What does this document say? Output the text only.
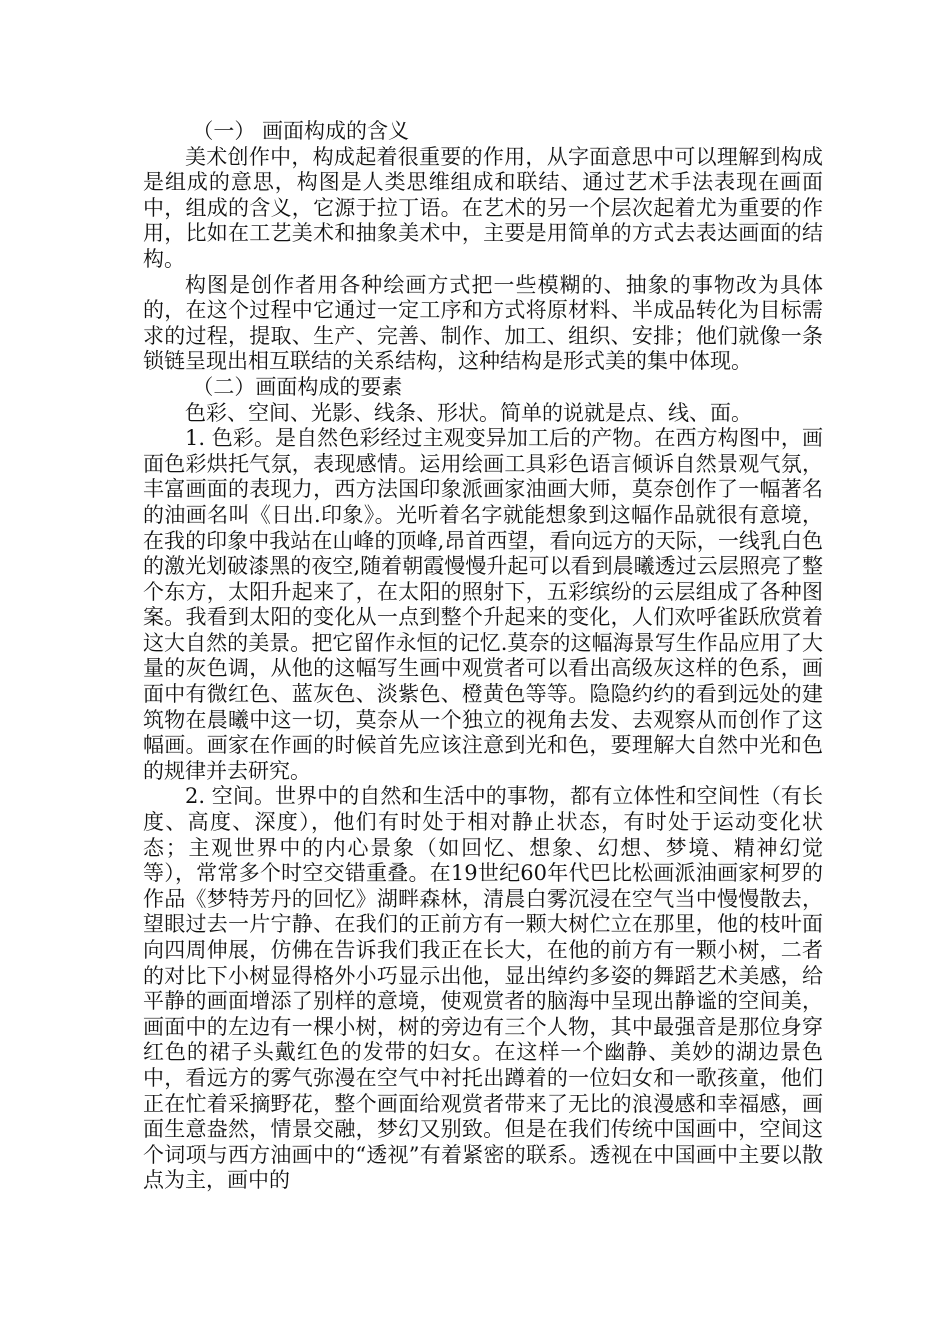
（一） 画面构成的含义

美术创作中，构成起着很重要的作用，从字面意思中可以理解到构成是组成的意思，构图是人类思维组成和联结、通过艺术手法表现在画面中，组成的含义，它源于拉丁语。在艺术的另一个层次起着尤为重要的作用，比如在工艺美术和抽象美术中，主要是用简单的方式去表达画面的结构。

构图是创作者用各种绘画方式把一些模糊的、抽象的事物改为具体的，在这个过程中它通过一定工序和方式将原材料、半成品转化为目标需求的过程，提取、生产、完善、制作、加工、组织、安排；他们就像一条锁链呈现出相互联结的关系结构，这种结构是形式美的集中体现。

（二）画面构成的要素

色彩、空间、光影、线条、形状。简单的说就是点、线、面。

1. 色彩。是自然色彩经过主观变异加工后的产物。在西方构图中，画面色彩烘托气氛，表现感情。运用绘画工具彩色语言倾诉自然景观气氛，丰富画面的表现力，西方法国印象派画家油画大师，莫奈创作了一幅著名的油画名叫《日出.印象》。光听着名字就能想象到这幅作品就很有意境，在我的印象中我站在山峰的顶峰,昂首西望，看向远方的天际，一线乳白色的激光划破漆黑的夜空,随着朝霞慢慢升起可以看到晨曦透过云层照亮了整个东方，太阳升起来了，在太阳的照射下，五彩缤纷的云层组成了各种图案。我看到太阳的变化从一点到整个升起来的变化，人们欢呼雀跃欣赏着这大自然的美景。把它留作永恒的记忆.莫奈的这幅海景写生作品应用了大量的灰色调，从他的这幅写生画中观赏者可以看出高级灰这样的色系，画面中有微红色、蓝灰色、淡紫色、橙黄色等等。隐隐约约的看到远处的建筑物在晨曦中这一切，莫奈从一个独立的视角去发、去观察从而创作了这幅画。画家在作画的时候首先应该注意到光和色，要理解大自然中光和色的规律并去研究。

2. 空间。世界中的自然和生活中的事物，都有立体性和空间性（有长度、高度、深度），他们有时处于相对静止状态，有时处于运动变化状态；主观世界中的内心景象（如回忆、想象、幻想、梦境、精神幻觉等），常常多个时空交错重叠。在19世纪60年代巴比松画派油画家柯罗的作品《梦特芳丹的回忆》湖畔森林，清晨白雾沉浸在空气当中慢慢散去，望眼过去一片宁静、在我们的正前方有一颗大树伫立在那里，他的枝叶面向四周伸展，仿佛在告诉我们我正在长大，在他的前方有一颗小树，二者的对比下小树显得格外小巧显示出他，显出绰约多姿的舞蹈艺术美感，给平静的画面增添了别样的意境，使观赏者的脑海中呈现出静谧的空间美，画面中的左边有一棵小树，树的旁边有三个人物，其中最强音是那位身穿红色的裙子头戴红色的发带的妇女。在这样一个幽静、美妙的湖边景色中，看远方的雾气弥漫在空气中衬托出蹲着的一位妇女和一歌孩童，他们正在忙着采摘野花，整个画面给观赏者带来了无比的浪漫感和幸福感，画面生意盎然，情景交融，梦幻又别致。但是在我们传统中国画中，空间这个词项与西方油画中的“透视”有着紧密的联系。透视在中国画中主要以散点为主，画中的
